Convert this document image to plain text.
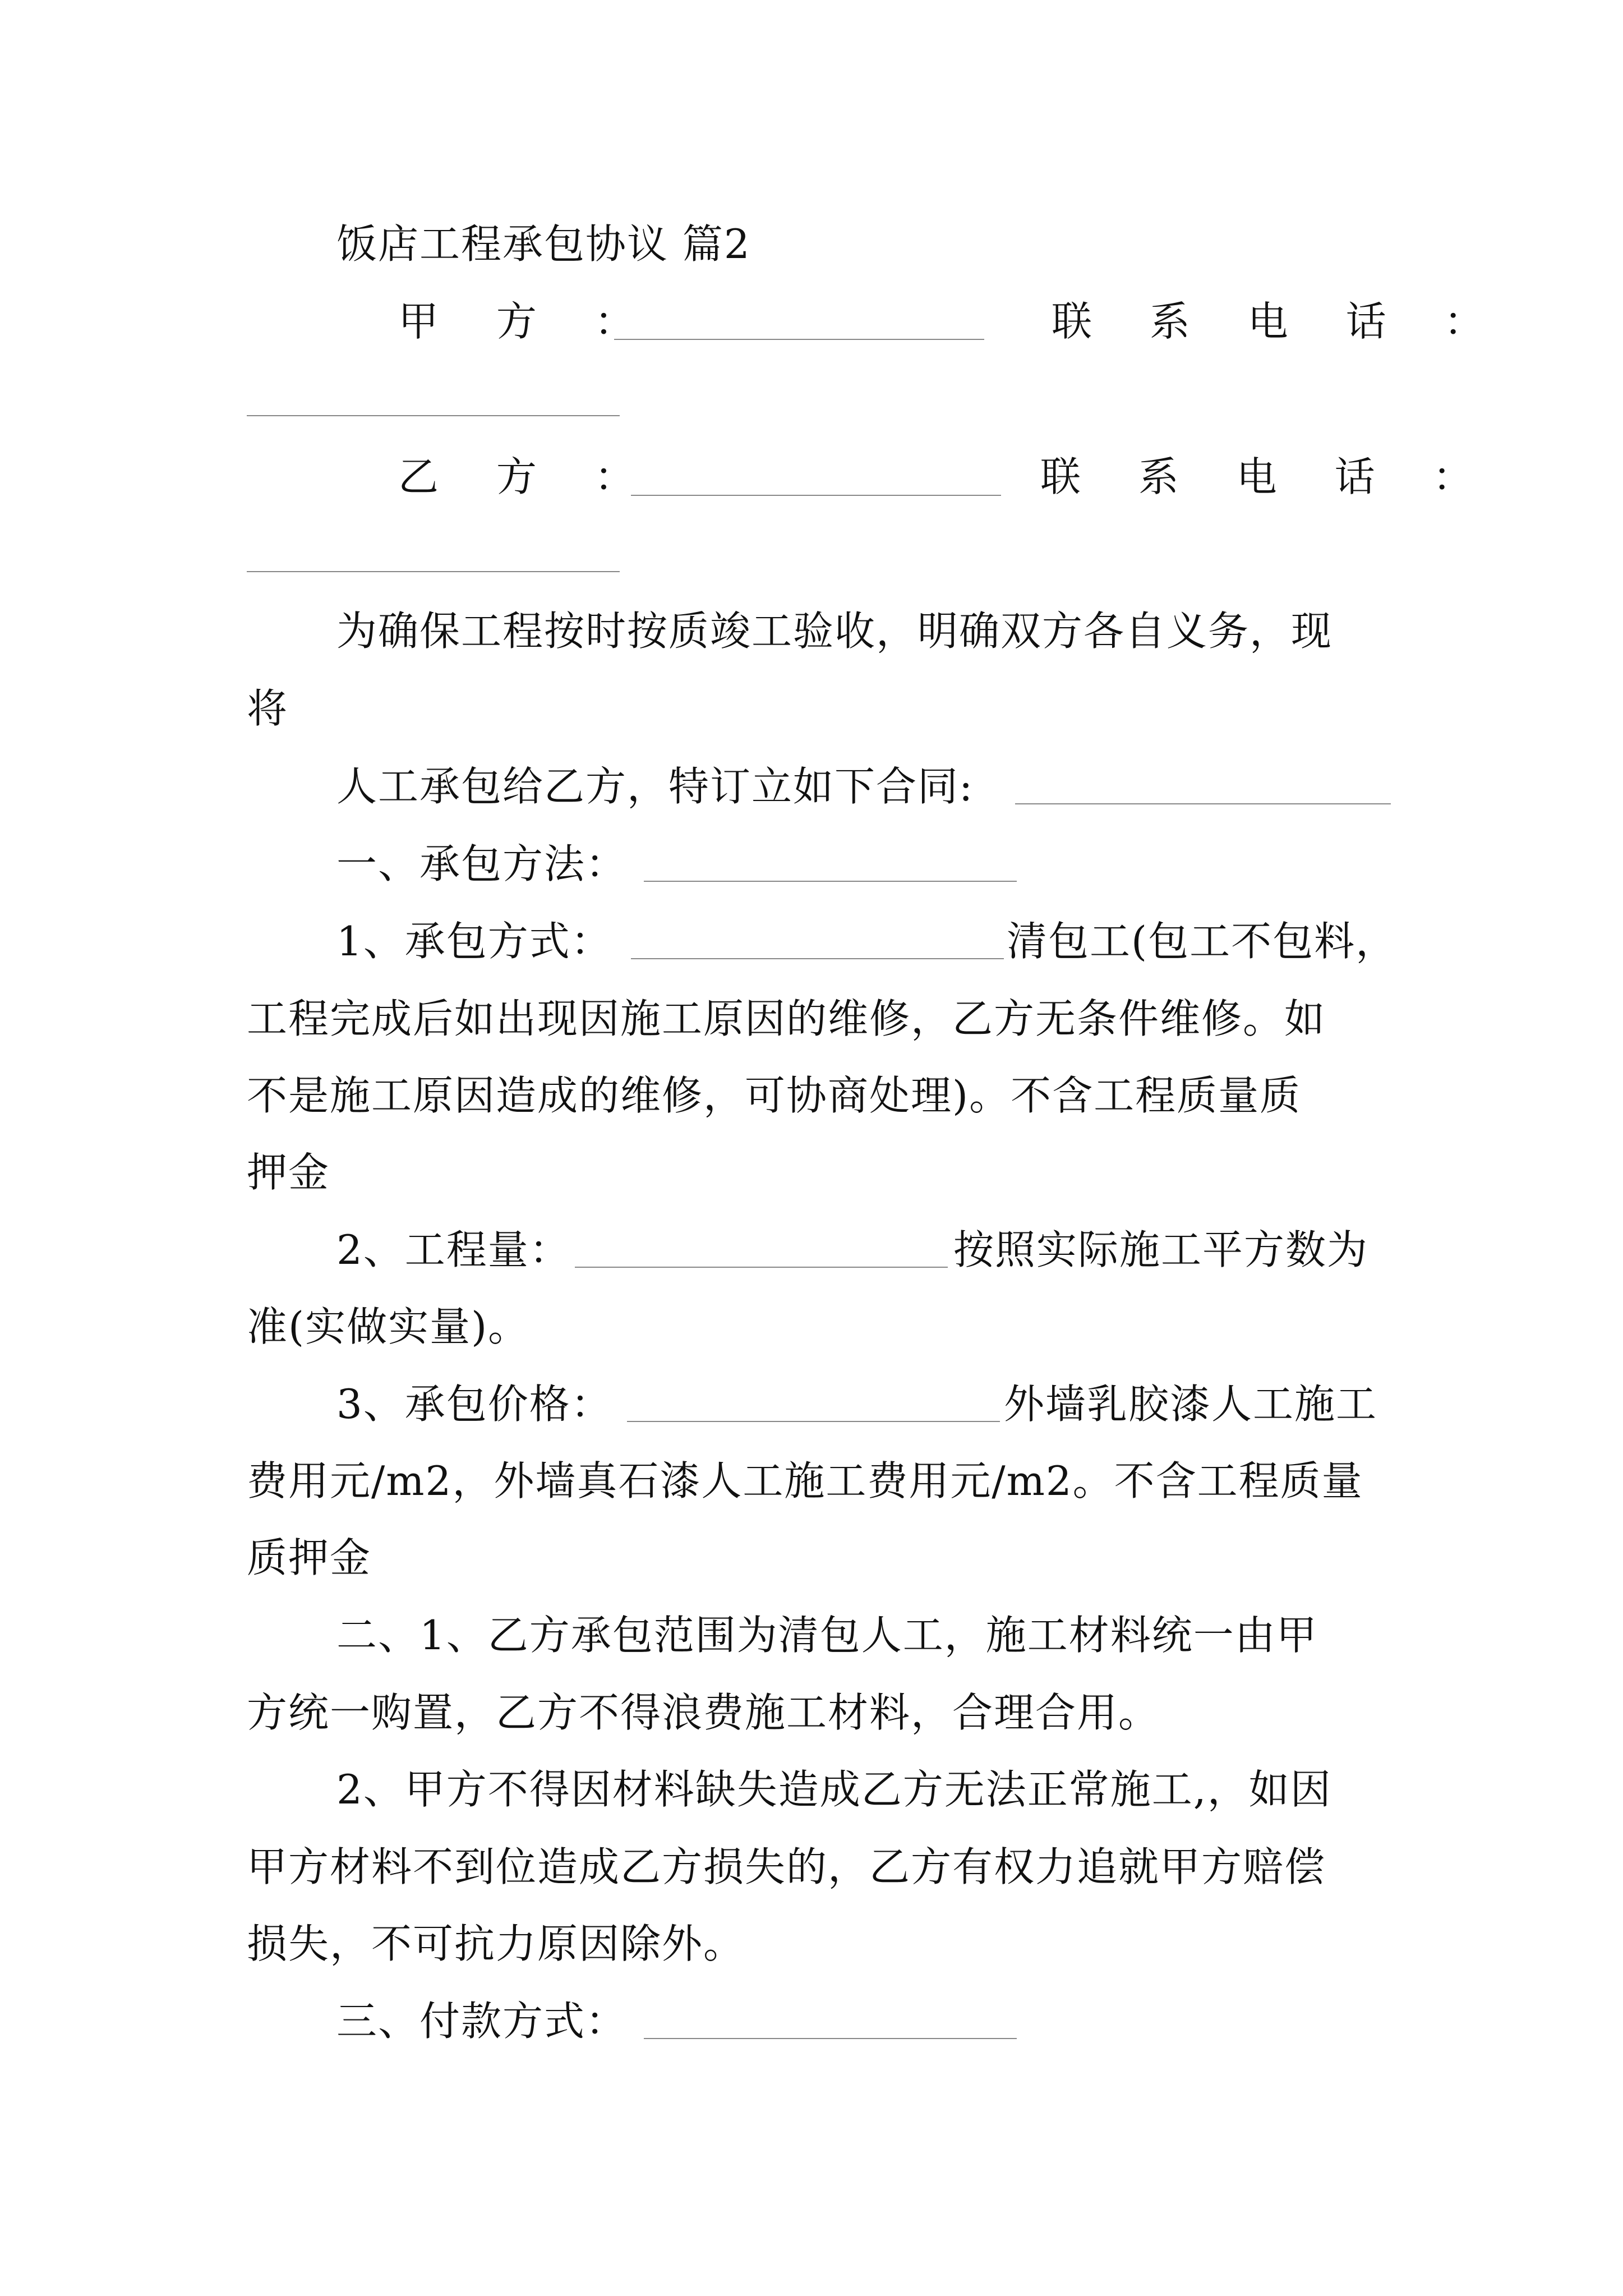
饭店工程承包协议 篇2
甲 方 ：	联 系 电 话 ：
乙 方 ：	联 系 电 话 ：
为确保工程按时按质竣工验收，明确双方各自义务，现
将
人工承包给乙方，特订立如下合同:
一、承包方法：
1、承包方式：	清包工(包工不包料，
工程完成后如出现因施工原因的维修，乙方无条件维修。如
不是施工原因造成的维修，可协商处理)。不含工程质量质
押金
2、工程量：	按照实际施工平方数为
准(实做实量)。
3、承包价格：	外墙乳胶漆人工施工
费用元/m2，外墙真石漆人工施工费用元/m2。不含工程质量
质押金
二、1、乙方承包范围为清包人工，施工材料统一由甲
方统一购置，乙方不得浪费施工材料，合理合用。
2、甲方不得因材料缺失造成乙方无法正常施工,，如因
甲方材料不到位造成乙方损失的，乙方有权力追就甲方赔偿
损失，不可抗力原因除外。
三、付款方式：
